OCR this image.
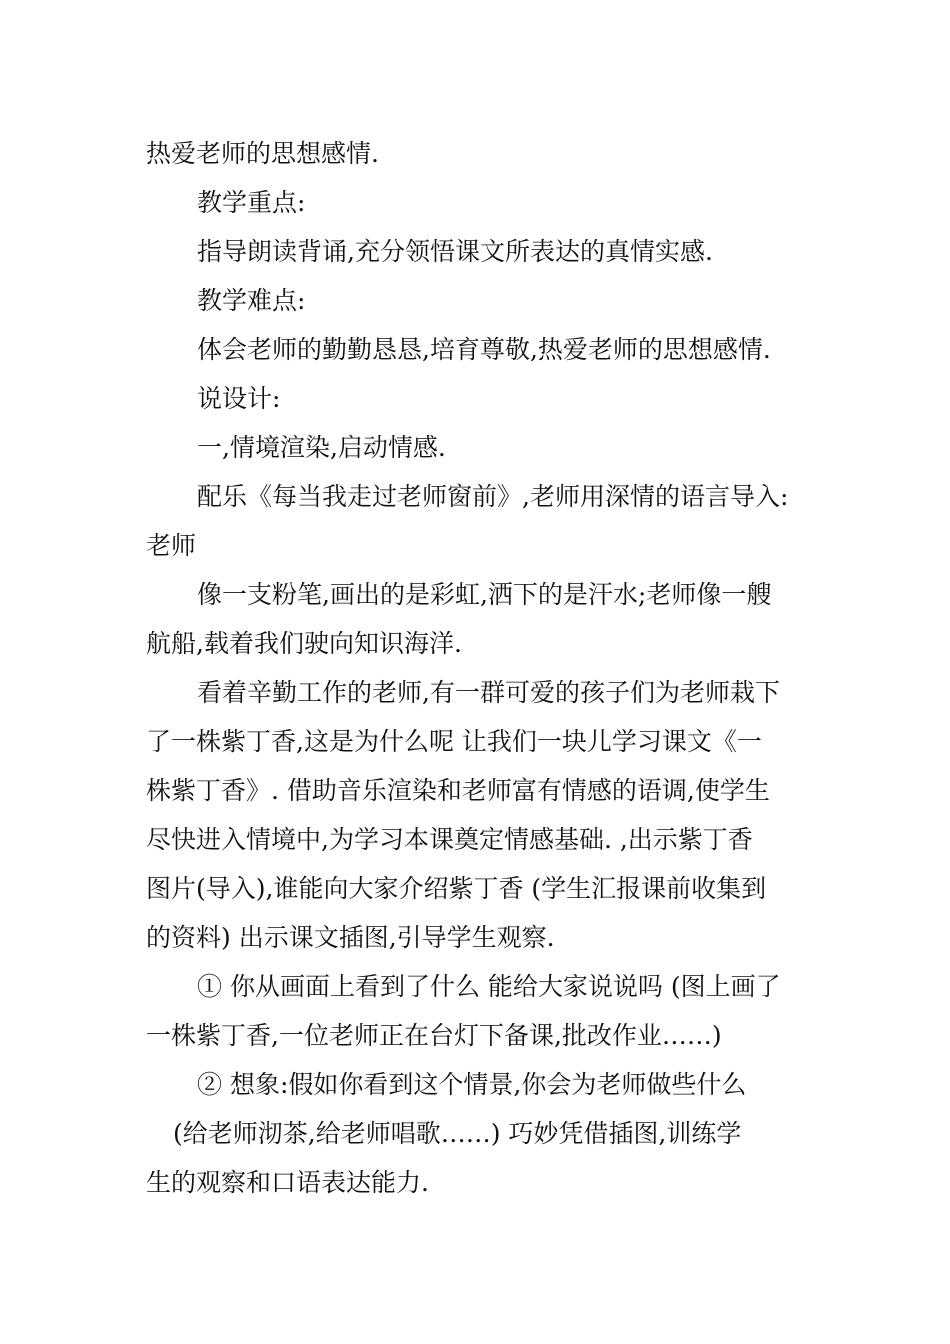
热爱老师的思想感情.
教学重点:
指导朗读背诵,充分领悟课文所表达的真情实感.
教学难点:
体会老师的勤勤恳恳,培育尊敬,热爱老师的思想感情.
说设计:
一,情境渲染,启动情感.
配乐《每当我走过老师窗前》,老师用深情的语言导入:
老师
像一支粉笔,画出的是彩虹,洒下的是汗水;老师像一艘
航船,载着我们驶向知识海洋.
看着辛勤工作的老师,有一群可爱的孩子们为老师栽下
了一株紫丁香,这是为什么呢 让我们一块儿学习课文《一
株紫丁香》. 借助音乐渲染和老师富有情感的语调,使学生
尽快进入情境中,为学习本课奠定情感基础. ,出示紫丁香
图片(导入),谁能向大家介绍紫丁香 (学生汇报课前收集到
的资料) 出示课文插图,引导学生观察.
① 你从画面上看到了什么 能给大家说说吗 (图上画了
一株紫丁香,一位老师正在台灯下备课,批改作业……)
② 想象:假如你看到这个情景,你会为老师做些什么
(给老师沏茶,给老师唱歌……) 巧妙凭借插图,训练学
生的观察和口语表达能力.
